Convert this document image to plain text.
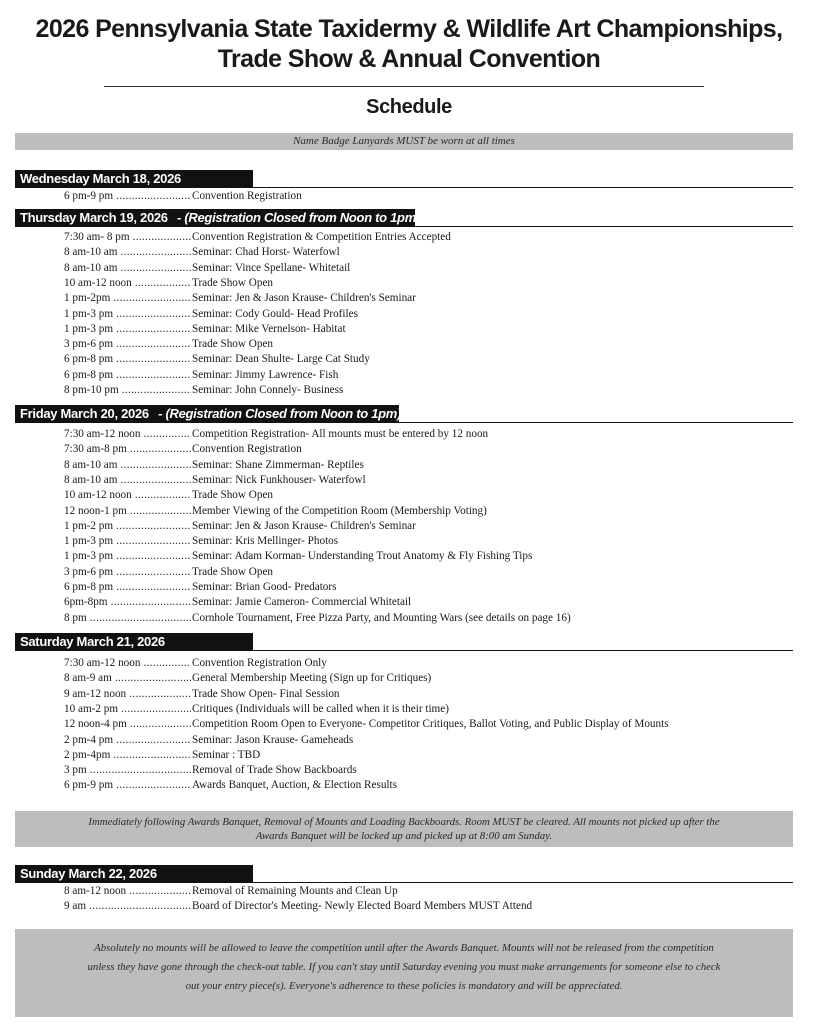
2026 Pennsylvania State Taxidermy & Wildlife Art Championships,
Trade Show & Annual Convention
Schedule
Name Badge Lanyards MUST be worn at all times
Wednesday March 18, 2026
6 pm-9 pm .....	Convention Registration
Thursday March 19, 2026 - (Registration Closed from Noon to 1pm)
7:30 am- 8 pm .....	Convention Registration & Competition Entries Accepted
8 am-10 am .....	Seminar: Chad Horst- Waterfowl
8 am-10 am .....	Seminar: Vince Spellane- Whitetail
10 am-12 noon .....	Trade Show Open
1 pm-2pm .....	Seminar: Jen & Jason Krause- Children's Seminar
1 pm-3 pm .....	Seminar: Cody Gould- Head Profiles
1 pm-3 pm .....	Seminar: Mike Vernelson- Habitat
3 pm-6 pm .....	Trade Show Open
6 pm-8 pm .....	Seminar: Dean Shulte- Large Cat Study
6 pm-8 pm .....	Seminar: Jimmy Lawrence- Fish
8 pm-10 pm .....	Seminar: John Connely- Business
Friday March 20, 2026 - (Registration Closed from Noon to 1pm)
7:30 am-12 noon .....	Competition Registration- All mounts must be entered by 12 noon
7:30 am-8 pm .....	Convention Registration
8 am-10 am .....	Seminar: Shane Zimmerman- Reptiles
8 am-10 am .....	Seminar: Nick Funkhouser- Waterfowl
10 am-12 noon .....	Trade Show Open
12 noon-1 pm .....	Member Viewing of the Competition Room (Membership Voting)
1 pm-2 pm .....	Seminar: Jen & Jason Krause- Children's Seminar
1 pm-3 pm .....	Seminar: Kris Mellinger- Photos
1 pm-3 pm .....	Seminar: Adam Korman- Understanding Trout Anatomy & Fly Fishing Tips
3 pm-6 pm .....	Trade Show Open
6 pm-8 pm .....	Seminar: Brian Good- Predators
6pm-8pm .....	Seminar: Jamie Cameron- Commercial Whitetail
8 pm .....	Cornhole Tournament, Free Pizza Party, and Mounting Wars (see details on page 16)
Saturday March 21, 2026
7:30 am-12 noon .....	Convention Registration Only
8 am-9 am .....	General Membership Meeting (Sign up for Critiques)
9 am-12 noon .....	Trade Show Open- Final Session
10 am-2 pm .....	Critiques (Individuals will be called when it is their time)
12 noon-4 pm .....	Competition Room Open to Everyone- Competitor Critiques, Ballot Voting, and Public Display of Mounts
2 pm-4 pm .....	Seminar: Jason Krause- Gameheads
2 pm-4pm .....	Seminar : TBD
3 pm .....	Removal of Trade Show Backboards
6 pm-9 pm .....	Awards Banquet, Auction, & Election Results
Immediately following Awards Banquet, Removal of Mounts and Loading Backboards. Room MUST be cleared. All mounts not picked up after the
Awards Banquet will be locked up and picked up at 8:00 am Sunday.
Sunday March 22, 2026
8 am-12 noon .....	Removal of Remaining Mounts and Clean Up
9 am .....	Board of Director's Meeting- Newly Elected Board Members MUST Attend
Absolutely no mounts will be allowed to leave the competition until after the Awards Banquet. Mounts will not be released from the competition
unless they have gone through the check-out table. If you can't stay until Saturday evening you must make arrangements for someone else to check
out your entry piece(s). Everyone's adherence to these policies is mandatory and will be appreciated.
